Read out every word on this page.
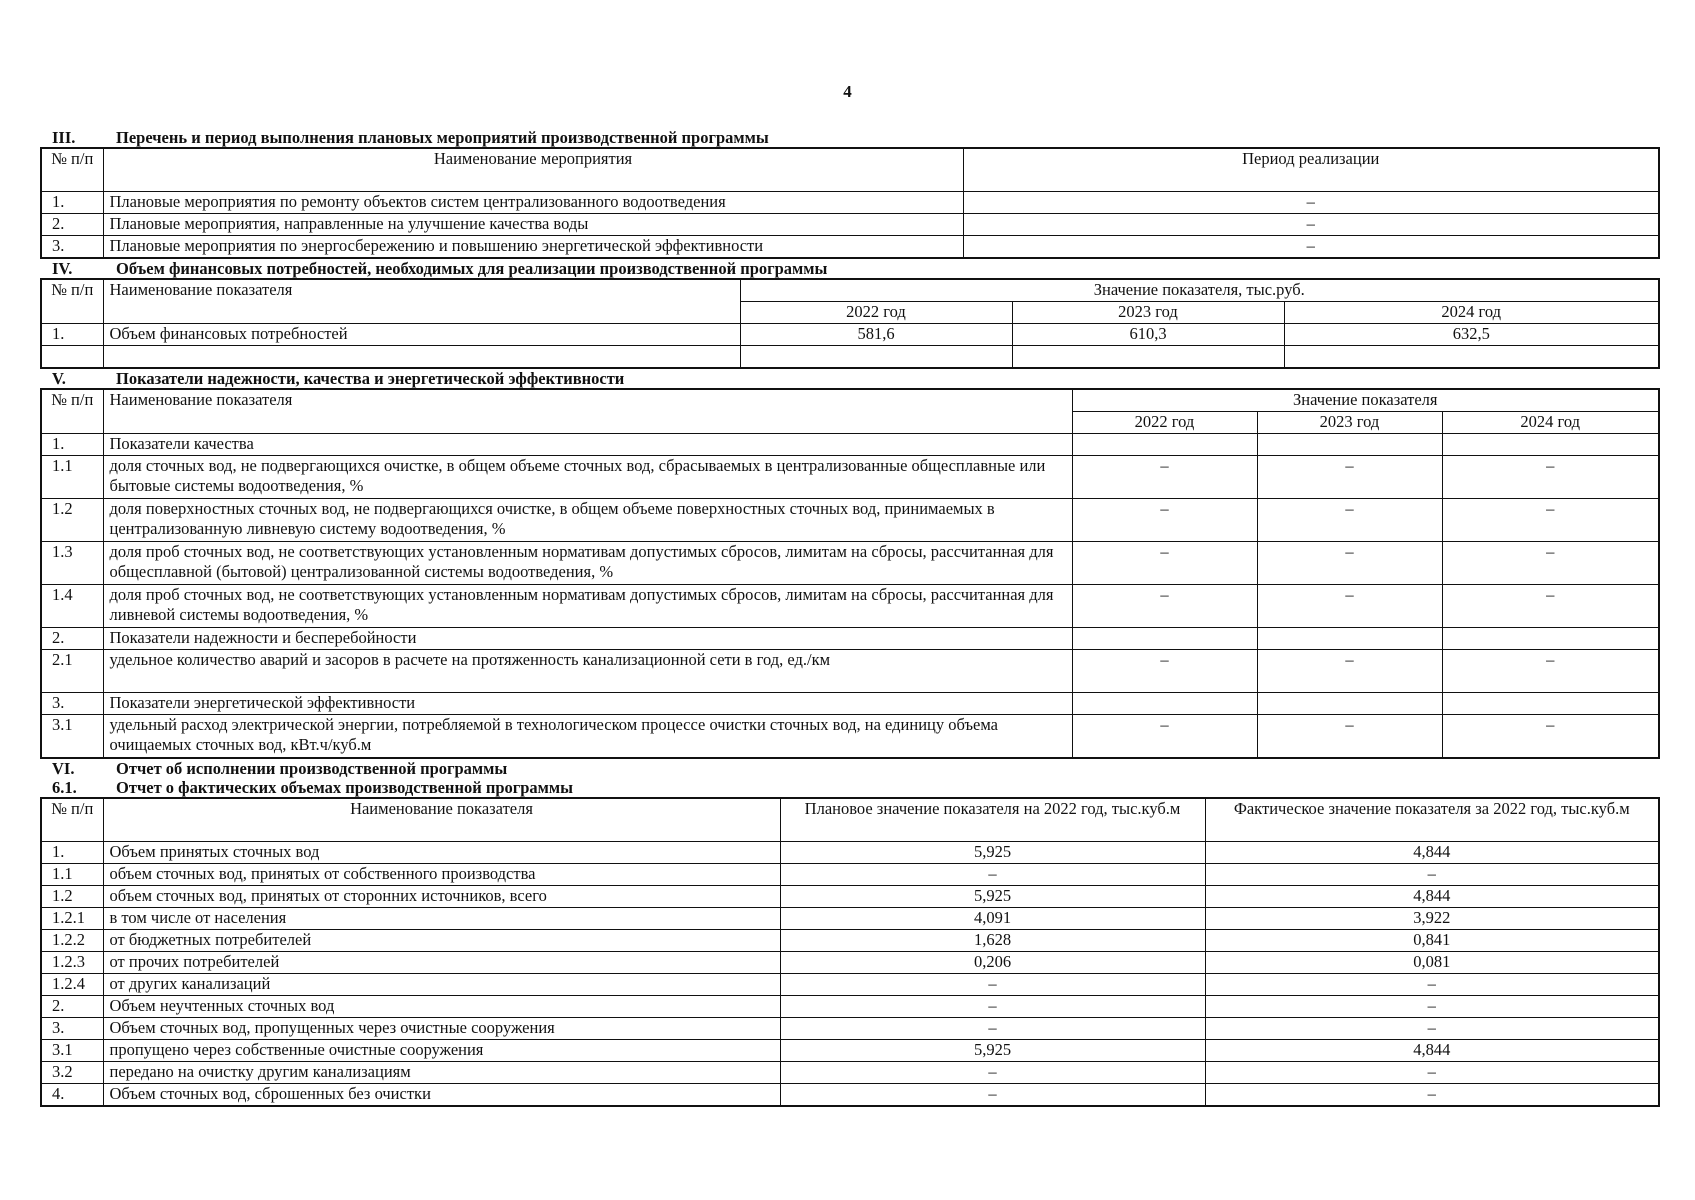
4
III.	Перечень и период выполнения плановых мероприятий производственной программы
№ п/п	Наименование мероприятия	Период реализации
1.	Плановые мероприятия по ремонту объектов систем централизованного водоотведения	–
2.	Плановые мероприятия, направленные на улучшение качества воды	–
3.	Плановые мероприятия по энергосбережению и повышению энергетической эффективности	–
IV.	Объем финансовых потребностей, необходимых для реализации производственной программы
№ п/п	Наименование показателя	Значение показателя, тыс.руб.		
		2022 год	2023 год	2024 год
1.	Объем финансовых потребностей	581,6	610,3	632,5

V.	Показатели надежности, качества и энергетической эффективности
№ п/п	Наименование показателя	Значение показателя		
		2022 год	2023 год	2024 год
1.	Показатели качества			
1.1	доля сточных вод, не подвергающихся очистке, в общем объеме сточных вод, сбрасываемых в централизованные общесплавные или бытовые системы водоотведения, %	–	–	–
1.2	доля поверхностных сточных вод, не подвергающихся очистке, в общем объеме поверхностных сточных вод, принимаемых в централизованную ливневую систему водоотведения, %	–	–	–
1.3	доля проб сточных вод, не соответствующих установленным нормативам допустимых сбросов, лимитам на сбросы, рассчитанная для общесплавной (бытовой) централизованной системы водоотведения, %	–	–	–
1.4	доля проб сточных вод, не соответствующих установленным нормативам допустимых сбросов, лимитам на сбросы, рассчитанная для ливневой системы водоотведения, %	–	–	–
2.	Показатели надежности и бесперебойности			
2.1	удельное количество аварий и засоров в расчете на протяженность канализационной сети в год, ед./км	–	–	–
3.	Показатели энергетической эффективности			
3.1	удельный расход электрической энергии, потребляемой в технологическом процессе очистки сточных вод, на единицу объема очищаемых сточных вод, кВт.ч/куб.м	–	–	–
VI.	Отчет об исполнении производственной программы
6.1.	Отчет о фактических объемах производственной программы
№ п/п	Наименование показателя	Плановое значение показателя на 2022 год, тыс.куб.м	Фактическое значение показателя за 2022 год, тыс.куб.м
1.	Объем принятых сточных вод	5,925	4,844
1.1	объем сточных вод, принятых от собственного производства	–	–
1.2	объем сточных вод, принятых от сторонних источников, всего	5,925	4,844
1.2.1	в том числе от населения	4,091	3,922
1.2.2	от бюджетных потребителей	1,628	0,841
1.2.3	от прочих потребителей	0,206	0,081
1.2.4	от других канализаций	–	–
2.	Объем неучтенных сточных вод	–	–
3.	Объем сточных вод, пропущенных через очистные сооружения	–	–
3.1	пропущено через собственные очистные сооружения	5,925	4,844
3.2	передано на очистку другим канализациям	–	–
4.	Объем сточных вод, сброшенных без очистки	–	–
